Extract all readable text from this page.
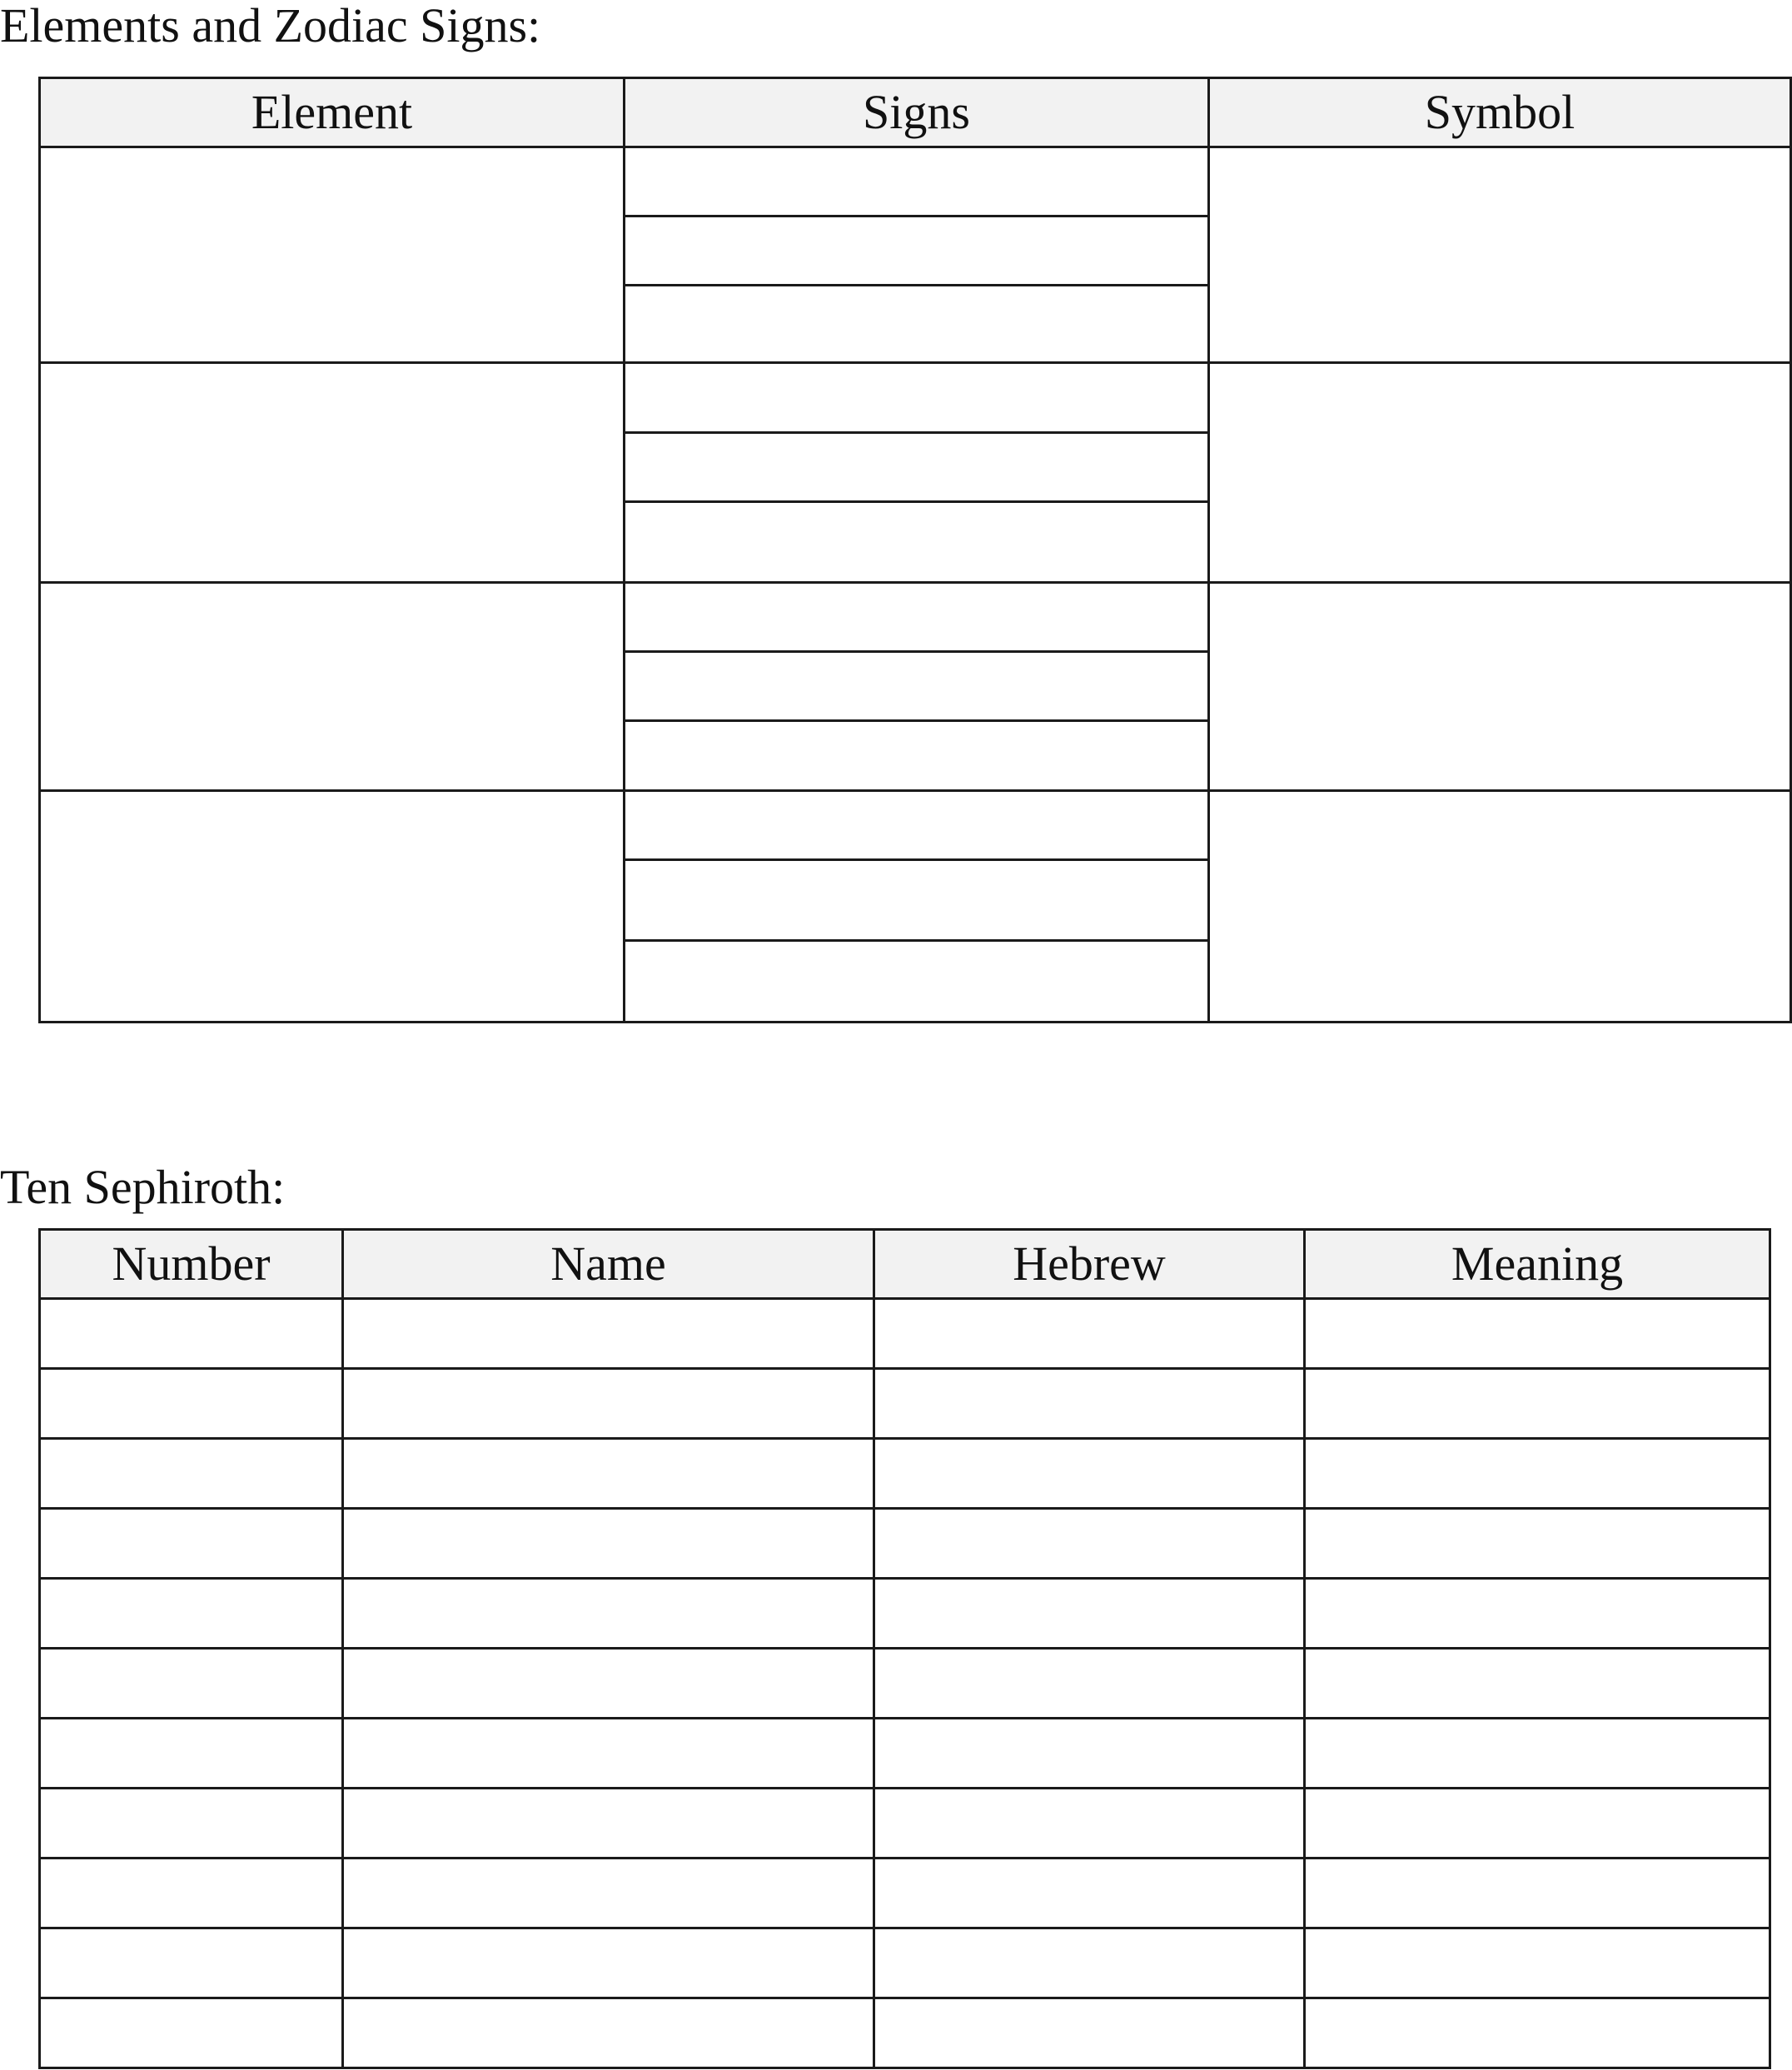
Elements and Zodiac Signs:
Element	Signs	Symbol

Ten Sephiroth:
Number	Name	Hebrew	Meaning
